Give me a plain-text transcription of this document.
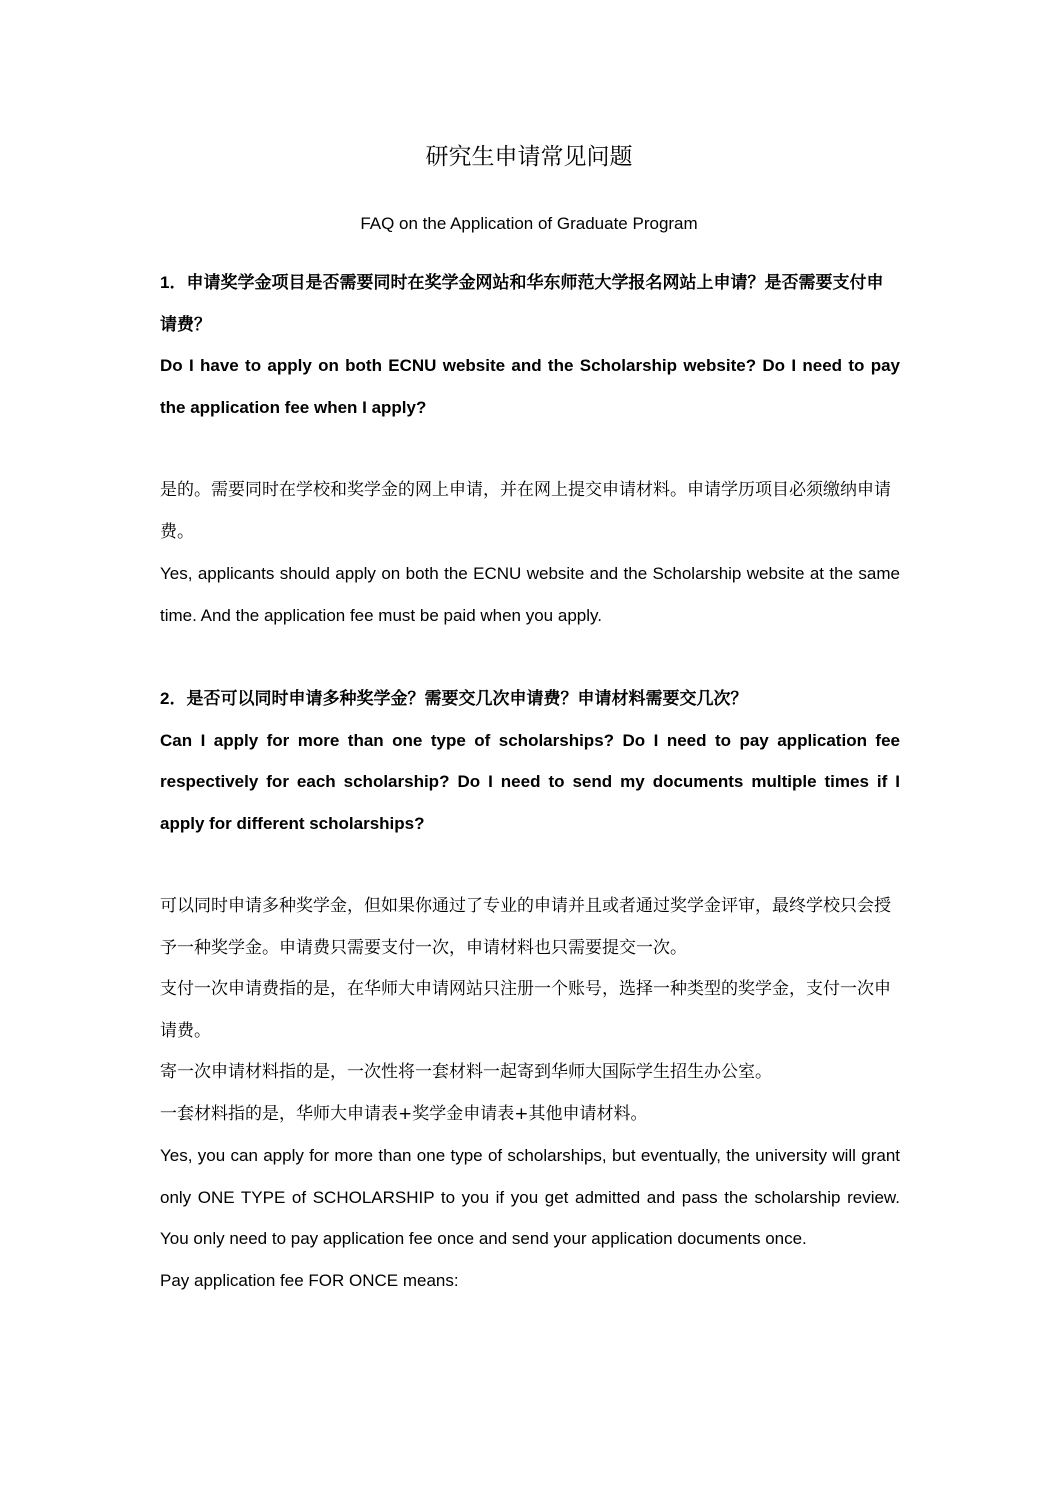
研究生申请常见问题
FAQ on the Application of Graduate Program

1．申请奖学金项目是否需要同时在奖学金网站和华东师范大学报名网站上申请？是否需要支付申请费？

Do I have to apply on both ECNU website and the Scholarship website? Do I need to pay the application fee when I apply?

是的。需要同时在学校和奖学金的网上申请，并在网上提交申请材料。申请学历项目必须缴纳申请费。

Yes, applicants should apply on both the ECNU website and the Scholarship website at the same time. And the application fee must be paid when you apply.

2．是否可以同时申请多种奖学金？需要交几次申请费？申请材料需要交几次？

Can I apply for more than one type of scholarships? Do I need to pay application fee respectively for each scholarship? Do I need to send my documents multiple times if I apply for different scholarships?

可以同时申请多种奖学金，但如果你通过了专业的申请并且或者通过奖学金评审，最终学校只会授予一种奖学金。申请费只需要支付一次，申请材料也只需要提交一次。

支付一次申请费指的是，在华师大申请网站只注册一个账号，选择一种类型的奖学金，支付一次申请费。

寄一次申请材料指的是，一次性将一套材料一起寄到华师大国际学生招生办公室。

一套材料指的是，华师大申请表+奖学金申请表+其他申请材料。

Yes, you can apply for more than one type of scholarships, but eventually, the university will grant only ONE TYPE of SCHOLARSHIP to you if you get admitted and pass the scholarship review. You only need to pay application fee once and send your application documents once.

Pay application fee FOR ONCE means:
